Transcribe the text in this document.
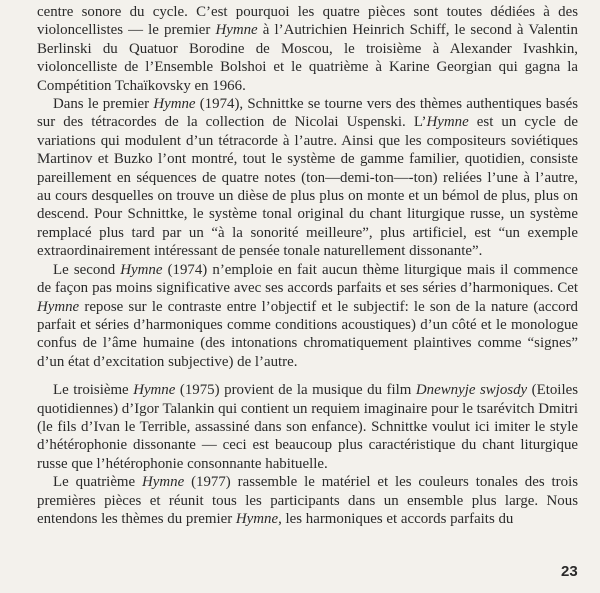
centre sonore du cycle. C’est pourquoi les quatre pièces sont toutes dédiées à des violoncellistes — le premier Hymne à l’Autrichien Heinrich Schiff, le second à Valentin Berlinski du Quatuor Borodine de Moscou, le troisième à Alexander Ivashkin, violoncelliste de l’Ensemble Bolshoi et le quatrième à Karine Georgian qui gagna la Compétition Tchaïkovsky en 1966.

Dans le premier Hymne (1974), Schnittke se tourne vers des thèmes authentiques basés sur des tétracordes de la collection de Nicolai Uspenski. L’Hymne est un cycle de variations qui modulent d’un tétracorde à l’autre. Ainsi que les compositeurs soviétiques Martinov et Buzko l’ont montré, tout le système de gamme familier, quotidien, consiste pareillement en séquences de quatre notes (ton—demi-ton—-ton) reliées l’une à l’autre, au cours desquelles on trouve un dièse de plus plus on monte et un bémol de plus, plus on descend. Pour Schnittke, le système tonal original du chant liturgique russe, un système remplacé plus tard par un “à la sonorité meilleure”, plus artificiel, est “un exemple extraordinairement intéressant de pensée tonale naturellement dissonante”.

Le second Hymne (1974) n’emploie en fait aucun thème liturgique mais il commence de façon pas moins significative avec ses accords parfaits et ses séries d’harmoniques. Cet Hymne repose sur le contraste entre l’objectif et le subjectif: le son de la nature (accord parfait et séries d’harmoniques comme conditions acoustiques) d’un côté et le monologue confus de l’âme humaine (des intonations chromatiquement plaintives comme “signes” d’un état d’excitation subjective) de l’autre.

Le troisième Hymne (1975) provient de la musique du film Dnewnyje swjosdy (Etoiles quotidiennes) d’Igor Talankin qui contient un requiem imaginaire pour le tsarévitch Dmitri (le fils d’Ivan le Terrible, assassiné dans son enfance). Schnittke voulut ici imiter le style d’hétérophonie dissonante — ceci est beaucoup plus caractéristique du chant liturgique russe que l’hétérophonie consonnante habituelle.

Le quatrième Hymne (1977) rassemble le matériel et les couleurs tonales des trois premières pièces et réunit tous les participants dans un ensemble plus large. Nous entendons les thèmes du premier Hymne, les harmoniques et accords parfaits du

23
